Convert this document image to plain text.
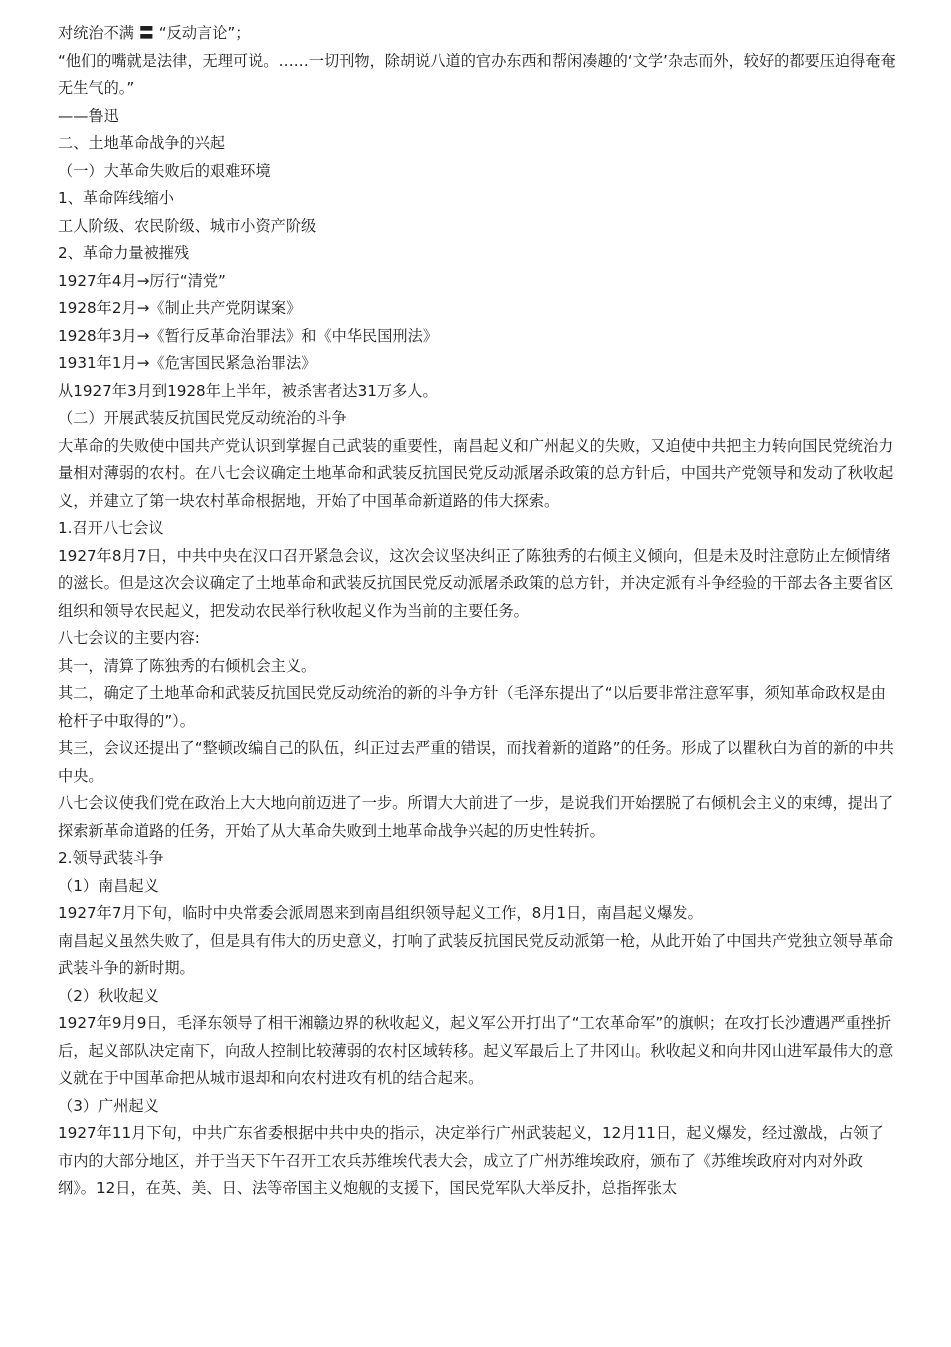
对统治不满 〓 “反动言论”；

“他们的嘴就是法律，无理可说。……一切刊物，除胡说八道的官办东西和帮闲凑趣的‘文学’杂志而外，较好的都要压迫得奄奄无生气的。”

——鲁迅

二、土地革命战争的兴起

（一）大革命失败后的艰难环境

1、革命阵线缩小

工人阶级、农民阶级、城市小资产阶级

2、革命力量被摧残

1927年4月→厉行“清党”

1928年2月→《制止共产党阴谋案》

1928年3月→《暂行反革命治罪法》和《中华民国刑法》

1931年1月→《危害国民紧急治罪法》

从1927年3月到1928年上半年，被杀害者达31万多人。

（二）开展武装反抗国民党反动统治的斗争

大革命的失败使中国共产党认识到掌握自己武装的重要性，南昌起义和广州起义的失败，又迫使中共把主力转向国民党统治力量相对薄弱的农村。在八七会议确定土地革命和武装反抗国民党反动派屠杀政策的总方针后，中国共产党领导和发动了秋收起义，并建立了第一块农村革命根据地，开始了中国革命新道路的伟大探索。

1.召开八七会议

1927年8月7日，中共中央在汉口召开紧急会议，这次会议坚决纠正了陈独秀的右倾主义倾向，但是未及时注意防止左倾情绪的滋长。但是这次会议确定了土地革命和武装反抗国民党反动派屠杀政策的总方针，并决定派有斗争经验的干部去各主要省区组织和领导农民起义，把发动农民举行秋收起义作为当前的主要任务。

八七会议的主要内容:

其一，清算了陈独秀的右倾机会主义。

其二，确定了土地革命和武装反抗国民党反动统治的新的斗争方针（毛泽东提出了“以后要非常注意军事，须知革命政权是由枪杆子中取得的”）。

其三，会议还提出了“整顿改编自己的队伍，纠正过去严重的错误，而找着新的道路”的任务。形成了以瞿秋白为首的新的中共中央。

八七会议使我们党在政治上大大地向前迈进了一步。所谓大大前进了一步，是说我们开始摆脱了右倾机会主义的束缚，提出了探索新革命道路的任务，开始了从大革命失败到土地革命战争兴起的历史性转折。

2.领导武装斗争

（1）南昌起义

1927年7月下旬，临时中央常委会派周恩来到南昌组织领导起义工作，8月1日，南昌起义爆发。

南昌起义虽然失败了，但是具有伟大的历史意义，打响了武装反抗国民党反动派第一枪，从此开始了中国共产党独立领导革命武装斗争的新时期。

（2）秋收起义

1927年9月9日，毛泽东领导了相干湘赣边界的秋收起义，起义军公开打出了“工农革命军”的旗帜；在攻打长沙遭遇严重挫折后，起义部队决定南下，向敌人控制比较薄弱的农村区域转移。起义军最后上了井冈山。秋收起义和向井冈山进军最伟大的意义就在于中国革命把从城市退却和向农村进攻有机的结合起来。

（3）广州起义

1927年11月下旬，中共广东省委根据中共中央的指示，决定举行广州武装起义，12月11日，起义爆发，经过激战，占领了市内的大部分地区，并于当天下午召开工农兵苏维埃代表大会，成立了广州苏维埃政府，颁布了《苏维埃政府对内对外政纲》。12日，在英、美、日、法等帝国主义炮舰的支援下，国民党军队大举反扑，总指挥张太
